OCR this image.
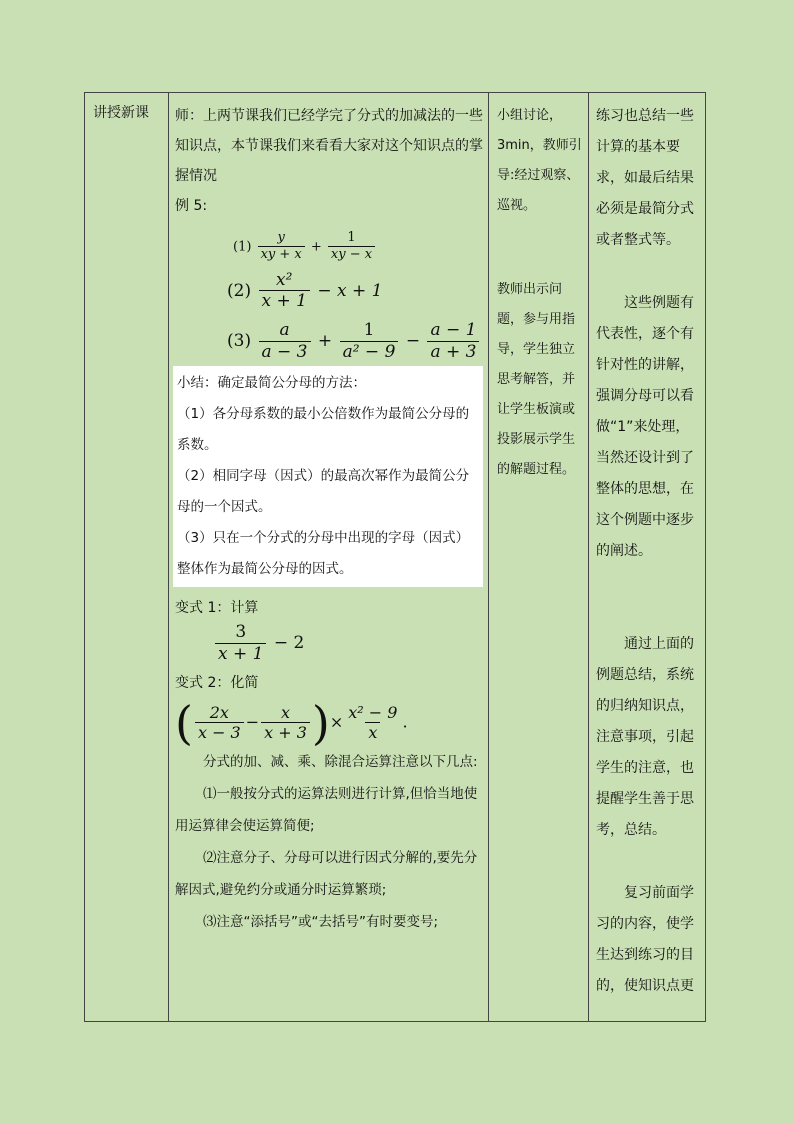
讲授新课	师：上两节课我们已经学完了分式的加减法的一些知识点，本节课我们来看看大家对这个知识点的掌握情况

例 5:

$(1) \frac{y}{xy + x} + \frac{1}{xy - x}$
$(2) \frac{\text{x²}}{x + 1} - x + 1$
$(3) \frac{a}{a - 3} + \frac{1}{\text{a² − 9}} - \frac{a - 1}{a + 3}$

小结：确定最简公分母的方法：

（1）各分母系数的最小公倍数作为最简公分母的系数。

（2）相同字母（因式）的最高次幂作为最简公分母的一个因式。

（3）只在一个分式的分母中出现的字母（因式）整体作为最简公分母的因式。

变式 1：计算

$\frac{3}{x + 1} - 2$

变式 2：化简

( $\frac{2x}{x - 3} - \frac{x}{x + 3}$ )× $\frac{\text{x² − 9}}{x}$ .

分式的加、减、乘、除混合运算注意以下几点:

⑴一般按分式的运算法则进行计算,但恰当地使用运算律会使运算简便;

⑵注意分子、分母可以进行因式分解的,要先分解因式,避免约分或通分时运算繁琐;

⑶注意“添括号”或“去括号”有时要变号;

小组讨论，3min，教师引导:经过观察、巡视。

教师出示问题，参与用指导，学生独立思考解答，并让学生板演或投影展示学生的解题过程。

练习也总结一些计算的基本要求，如最后结果必须是最简分式或者整式等。

这些例题有代表性，逐个有针对性的讲解，强调分母可以看做“1”来处理，当然还设计到了整体的思想，在这个例题中逐步的阐述。

通过上面的例题总结，系统的归纳知识点，注意事项，引起学生的注意，也提醒学生善于思考，总结。

复习前面学习的内容，使学生达到练习的目的，使知识点更
